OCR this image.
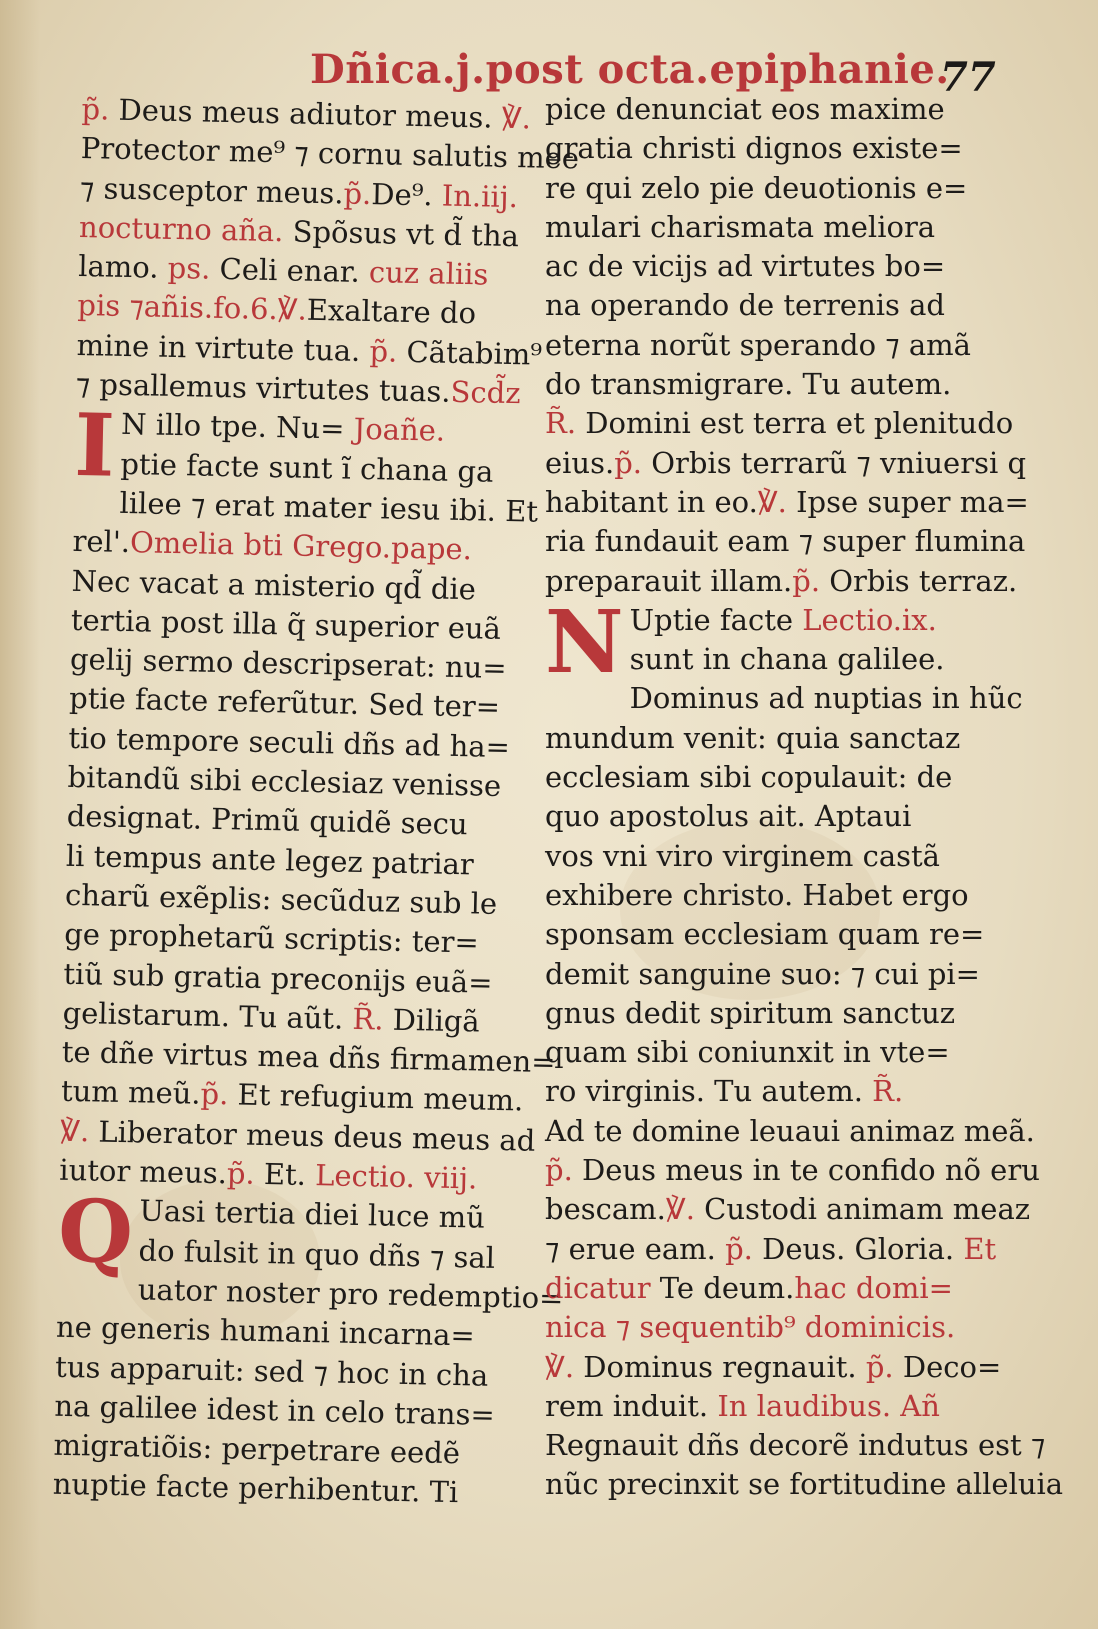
Dñica.j.post octa.epiphanie.
77
p̃. Deus meus adiutor meus. ℣.
Protector me⁹ ⁊ cornu salutis mee
⁊ susceptor meus.p̃.De⁹. In.iij.
nocturno añа. Spõsus vt d̃ tha
lamo. ps. Celi enar. cuz aliis
pis ⁊añis.fo.6.℣.Exaltare do
mine in virtute tua. p̃. Cãtabim⁹
⁊ psallemus virtutes tuas.Scd̃z
I N illo tpe. Nu= Joañe.
ptie facte sunt ĩ chana ga
lilee ⁊ erat mater iesu ibi. Et
rel'.Omelia bti Grego.pape.
Nec vacat a misterio qd̃ die
tertia post illa q̃ superior euã
gelij sermo descripserat: nu=
ptie facte referũtur. Sed ter=
tio tempore seculi dñs ad ha=
bitandũ sibi ecclesiaz venisse
designat. Primũ quidẽ secu
li tempus ante legez patriar
charũ exẽplis: secũduz sub le
ge prophetarũ scriptis: ter=
tiũ sub gratia preconijs euã=
gelistarum. Tu aũt. R̃. Diligã
te dñe virtus mea dñs firmamen=
tum meũ.p̃. Et refugium meum.
℣. Liberator meus deus meus ad
iutor meus.p̃. Et. Lectio. viij.
Q Uasi tertia diei luce mũ
do fulsit in quo dñs ⁊ sal
uator noster pro redemptio=
ne generis humani incarna=
tus apparuit: sed ⁊ hoc in cha
na galilee idest in celo trans=
migratiõis: perpetrare eedẽ
nuptie facte perhibentur. Ti
pice denunciat eos maxime
gratia christi dignos existe=
re qui zelo pie deuotionis e=
mulari charismata meliora
ac de vicijs ad virtutes bo=
na operando de terrenis ad
eterna norũt sperando ⁊ amã
do transmigrare. Tu autem.
R̃. Domini est terra et plenitudo
eius.p̃. Orbis terrarũ ⁊ vniuersi q
habitant in eo.℣. Ipse super ma=
ria fundauit eam ⁊ super flumina
preparauit illam.p̃. Orbis terraz.
N Uptie facte Lectio.ix.
sunt in chana galilee.
Dominus ad nuptias in hũc
mundum venit: quia sanctaz
ecclesiam sibi copulauit: de
quo apostolus ait. Aptaui
vos vni viro virginem castã
exhibere christo. Habet ergo
sponsam ecclesiam quam re=
demit sanguine suo: ⁊ cui pi=
gnus dedit spiritum sanctuz
quam sibi coniunxit in vte=
ro virginis. Tu autem. R̃.
Ad te domine leuaui animaz meã.
p̃. Deus meus in te confido nõ eru
bescam.℣. Custodi animam meaz
⁊ erue eam. p̃. Deus. Gloria. Et
dicatur Te deum.hac domi=
nica ⁊ sequentib⁹ dominicis.
℣. Dominus regnauit. p̃. Deco=
rem induit. In laudibus. Añ
Regnauit dñs decorẽ indutus est ⁊
nũc precinxit se fortitudine alleluia
